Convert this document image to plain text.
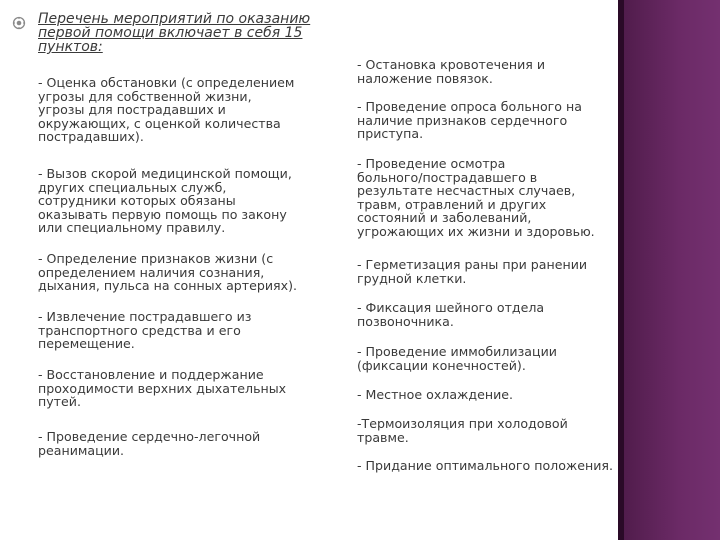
Перечень мероприятий по оказанию первой помощи включает в себя 15 пунктов:

- Оценка обстановки (с определением
угрозы для собственной жизни,
угрозы для пострадавших и
окружающих, с оценкой количества
пострадавших).

- Вызов скорой медицинской помощи,
других специальных служб,
сотрудники которых обязаны
оказывать первую помощь по закону
или специальному правилу.

- Определение признаков жизни (с
определением наличия сознания,
дыхания, пульса на сонных артериях).

- Извлечение пострадавшего из
транспортного средства и его
перемещение.

- Восстановление и поддержание
проходимости верхних дыхательных
путей.

- Проведение сердечно-легочной
реанимации.

- Остановка кровотечения и
наложение повязок.

- Проведение опроса больного на
наличие признаков сердечного
приступа.

- Проведение осмотра
больного/пострадавшего в
результате несчастных случаев,
травм, отравлений и других
состояний и заболеваний,
угрожающих их жизни и здоровью.

- Герметизация раны при ранении
грудной клетки.

- Фиксация шейного отдела
позвоночника.

- Проведение иммобилизации
(фиксации конечностей).

- Местное охлаждение.

-Термоизоляция при холодовой
травме.

- Придание оптимального положения.
